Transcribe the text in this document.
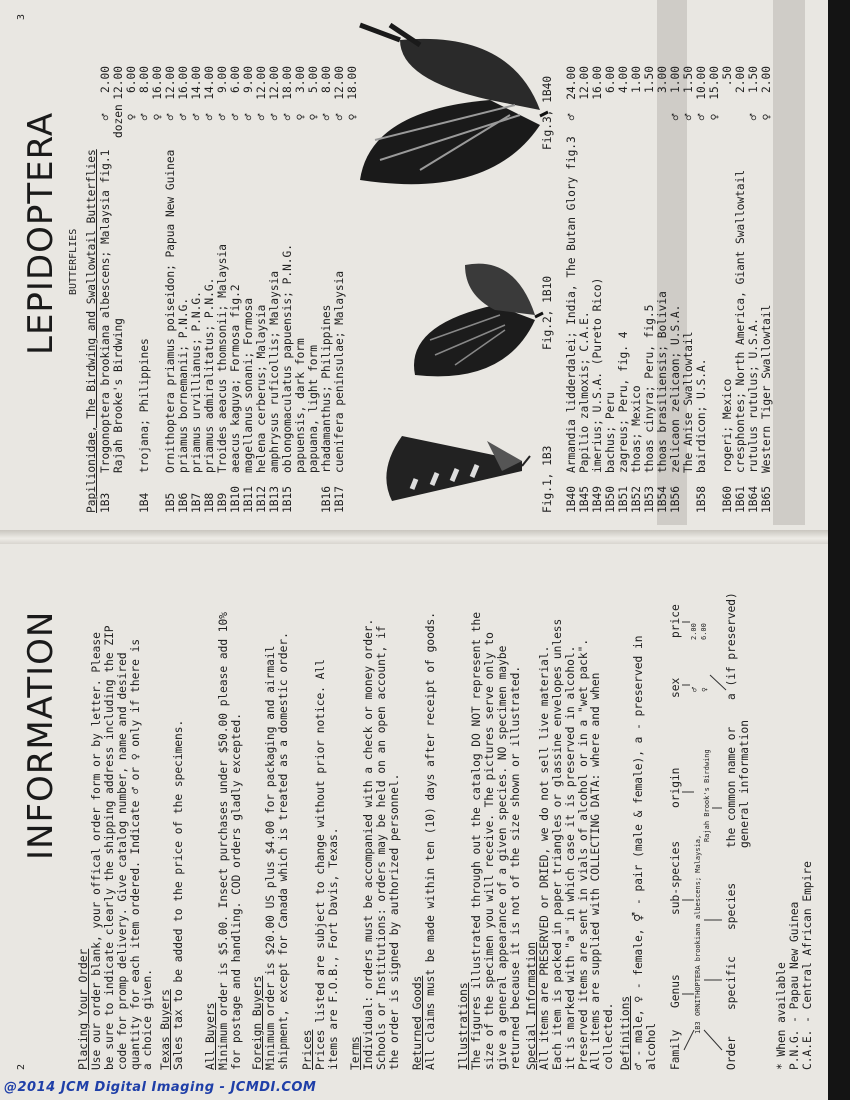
2
INFORMATION
Placing Your Order Use our order blank, your offical order form or by letter. Please
be sure to indicate clearly the shipping address including the ZIP
code for promp delivery. Give catalog number, name and desired
quantity for each item ordered. Indicate ♂ or ♀ only if there is
a choice given. Texas Buyers Sales tax to be added to the price of the specimens. All Buyers Minimum order is $5.00. Insect purchases under $50.00 please add 10%
for postage and handling. COD orders gladly excepted.
Foreign Buyers Minimum order is $20.00 US plus $4.00 for packaging and airmail
shipment, except for Canada which is treated as a domestic order.
Prices Prices listed are subject to change without prior notice. All
items are F.O.B., Fort Davis, Texas.
Terms Individual: orders must be accompanied with a check or money order.
Schools or Institutions: orders may be held on an open account, if
the order is signed by authorized personnel.
Returned Goods All claims must be made within ten (10) days after receipt of goods. Illustrations The figures illustrated through out the catalog DO NOT represent the
size of the specimen you will receive. The pictures serve only to
give a general appearance of a given species. NO specimen maybe
returned because it is not of the size shown or illustrated.
Special Information All items are PRESERVED or DRIED, we do not sell live material.
Each item is packed in paper triangles or glassine envelopes unless
it is marked with "a" in which case it is preserved in alcohol.
Preserved items are sent in vials of alcohol or in a "wet pack".
All items are supplied with COLLECTING DATA: where and when
collected. Definitions ♂ - male, ♀ - female, ⚥ - pair (male & female), a - preserved in
alcohol Family
Genus
sub-species
origin
sex
price
1B3
ORNITHOPTERA brookiana albescens; Malaysia,
Rajah Brook's Birdwing
♂ ♀
2.00 6.00
Order
specific
species
the common name or general information
a (if preserved)
* When available P.N.G. - Papau New Guinea C.A.E. - Central African Empire
3
LEPIDOPTERA BUTTERFLIES Papilionidae, The Birdwing and Swallowtail Butterflies 1B3
Trogonoptera brookiana albescens; Malaysia fig.1
♂
2.00
Rajah Brooke's Birdwing
dozen
12.00
♀
6.00
1B4
trojana; Philippines
♂
8.00
♀
16.00
1B5
Ornithoptera priamus poiseidon; Papua New Guinea
♂
12.00
1B6
priamus bornemanii; P.N.G.
♂
16.00
1B7
priamus urvillianus; P.N.G.
♂
14.00
1B8
priamus admiralitatus; P.N.G.
♂
14.00
1B9
Troides aeacus thomsonii; Malaysia
♂
9.00
1B10
aeacus kaguya; Formosa fig.2
♂
6.00
1B11
magellanus sonani; Formosa
♂
9.00
1B12
helena cerberus; Malaysia
♂
12.00
1B13
amphrysus ruficollis; Malaysia
♂
12.00
1B15
oblongomaculatus papuensis; P.N.G.
♂
18.00
papuensis, dark form
♀
3.00
papuana, light form
♀
5.00
1B16
rhadamanthus; Philippines
♂
8.00
1B17
cuenifera peninsulae; Malaysia
♂
12.00
♀
18.00
Fig.1, 1B3
Fig.2, 1B10
Fig.3, 1B40
1B40
Armandia lidderdalei; India, The Butan Glory fig.3
♂
24.00
1B45
Papilio zalmoxis; C.A.E.
12.00
1B49
imerius; U.S.A. (Pureto Rico)
16.00
1B50
bachus; Peru
6.00
1B51
zagreus; Peru, fig. 4
4.00
1B52
thoas; Mexico
1.00
1B53
thoas cinyra; Peru, fig.5
1.50
1B54
thoas brasiliensis; Bolivia
3.00
1B56
zelicaon zelicaon; U.S.A.
♂
1.00
The Anise Swallowtail
♂
1.50
1B58
bairdicon; U.S.A.
♂
10.00
♀
15.00
1B60
rogeri; Mexico
.50
1B61
cresphontes; North America, Giant Swallowtail
2.00
1B64
rutulus rutulus; U.S.A.
♂
1.50
1B65
Western Tiger Swallowtail
♀
2.00
@2014 JCM Digital Imaging - JCMDI.COM
